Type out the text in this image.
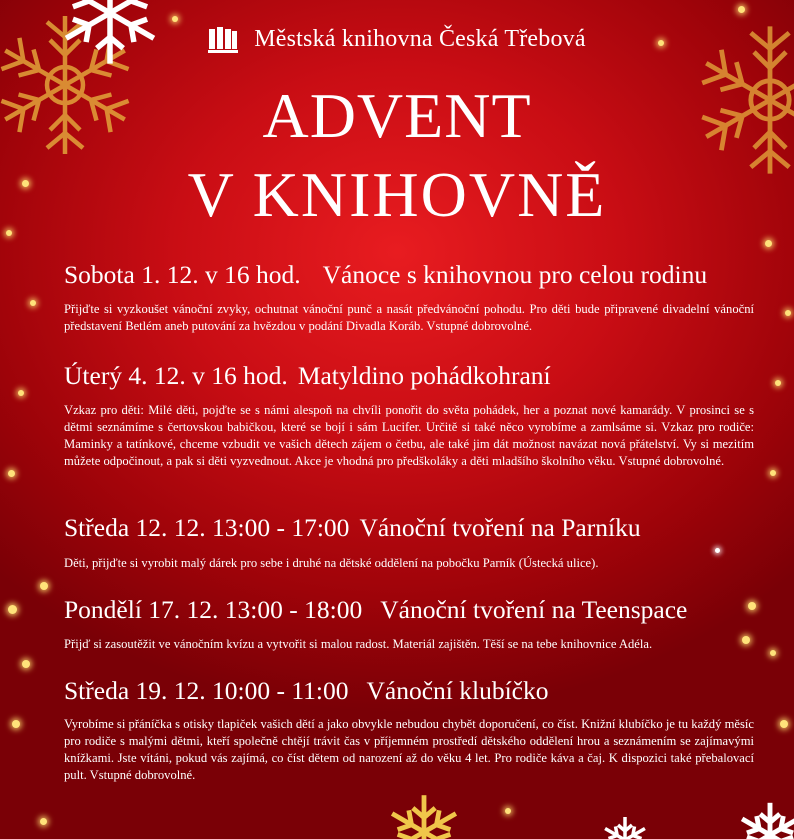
Městská knihovna Česká Třebová
ADVENT
V KNIHOVNĚ
Sobota 1. 12. v 16 hod. Vánoce s knihovnou pro celou rodinu
Přijďte si vyzkoušet vánoční zvyky, ochutnat vánoční punč a nasát předvánoční pohodu. Pro děti bude připravené divadelní vánoční představení Betlém aneb putování za hvězdou v podání Divadla Koráb. Vstupné dobrovolné.
Úterý 4. 12. v 16 hod. Matyldino pohádkohraní
Vzkaz pro děti: Milé děti, pojďte se s námi alespoň na chvíli ponořit do světa pohádek, her a poznat nové kamarády. V prosinci se s dětmi seznámíme s čertovskou babičkou, které se bojí i sám Lucifer. Určitě si také něco vyrobíme a zamlsáme si. Vzkaz pro rodiče: Maminky a tatínkové, chceme vzbudit ve vašich dětech zájem o četbu, ale také jim dát možnost navázat nová přátelství. Vy si mezitím můžete odpočinout, a pak si děti vyzvednout. Akce je vhodná pro předškoláky a děti mladšího školního věku. Vstupné dobrovolné.
Středa 12. 12. 13:00 - 17:00 Vánoční tvoření na Parníku
Děti, přijďte si vyrobit malý dárek pro sebe i druhé na dětské oddělení na pobočku Parník (Ústecká ulice).
Pondělí 17. 12. 13:00 - 18:00 Vánoční tvoření na Teenspace
Přijď si zasoutěžit ve vánočním kvízu a vytvořit si malou radost. Materiál zajištěn. Těší se na tebe knihovnice Adéla.
Středa 19. 12. 10:00 - 11:00 Vánoční klubíčko
Vyrobíme si přáníčka s otisky tlapiček vašich dětí a jako obvykle nebudou chybět doporučení, co číst. Knižní klubíčko je tu každý měsíc pro rodiče s malými dětmi, kteří společně chtějí trávit čas v příjemném prostředí dětského oddělení hrou a seznámením se zajímavými knížkami. Jste vítáni, pokud vás zajímá, co číst dětem od narození až do věku 4 let. Pro rodiče káva a čaj. K dispozici také přebalovací pult. Vstupné dobrovolné.
